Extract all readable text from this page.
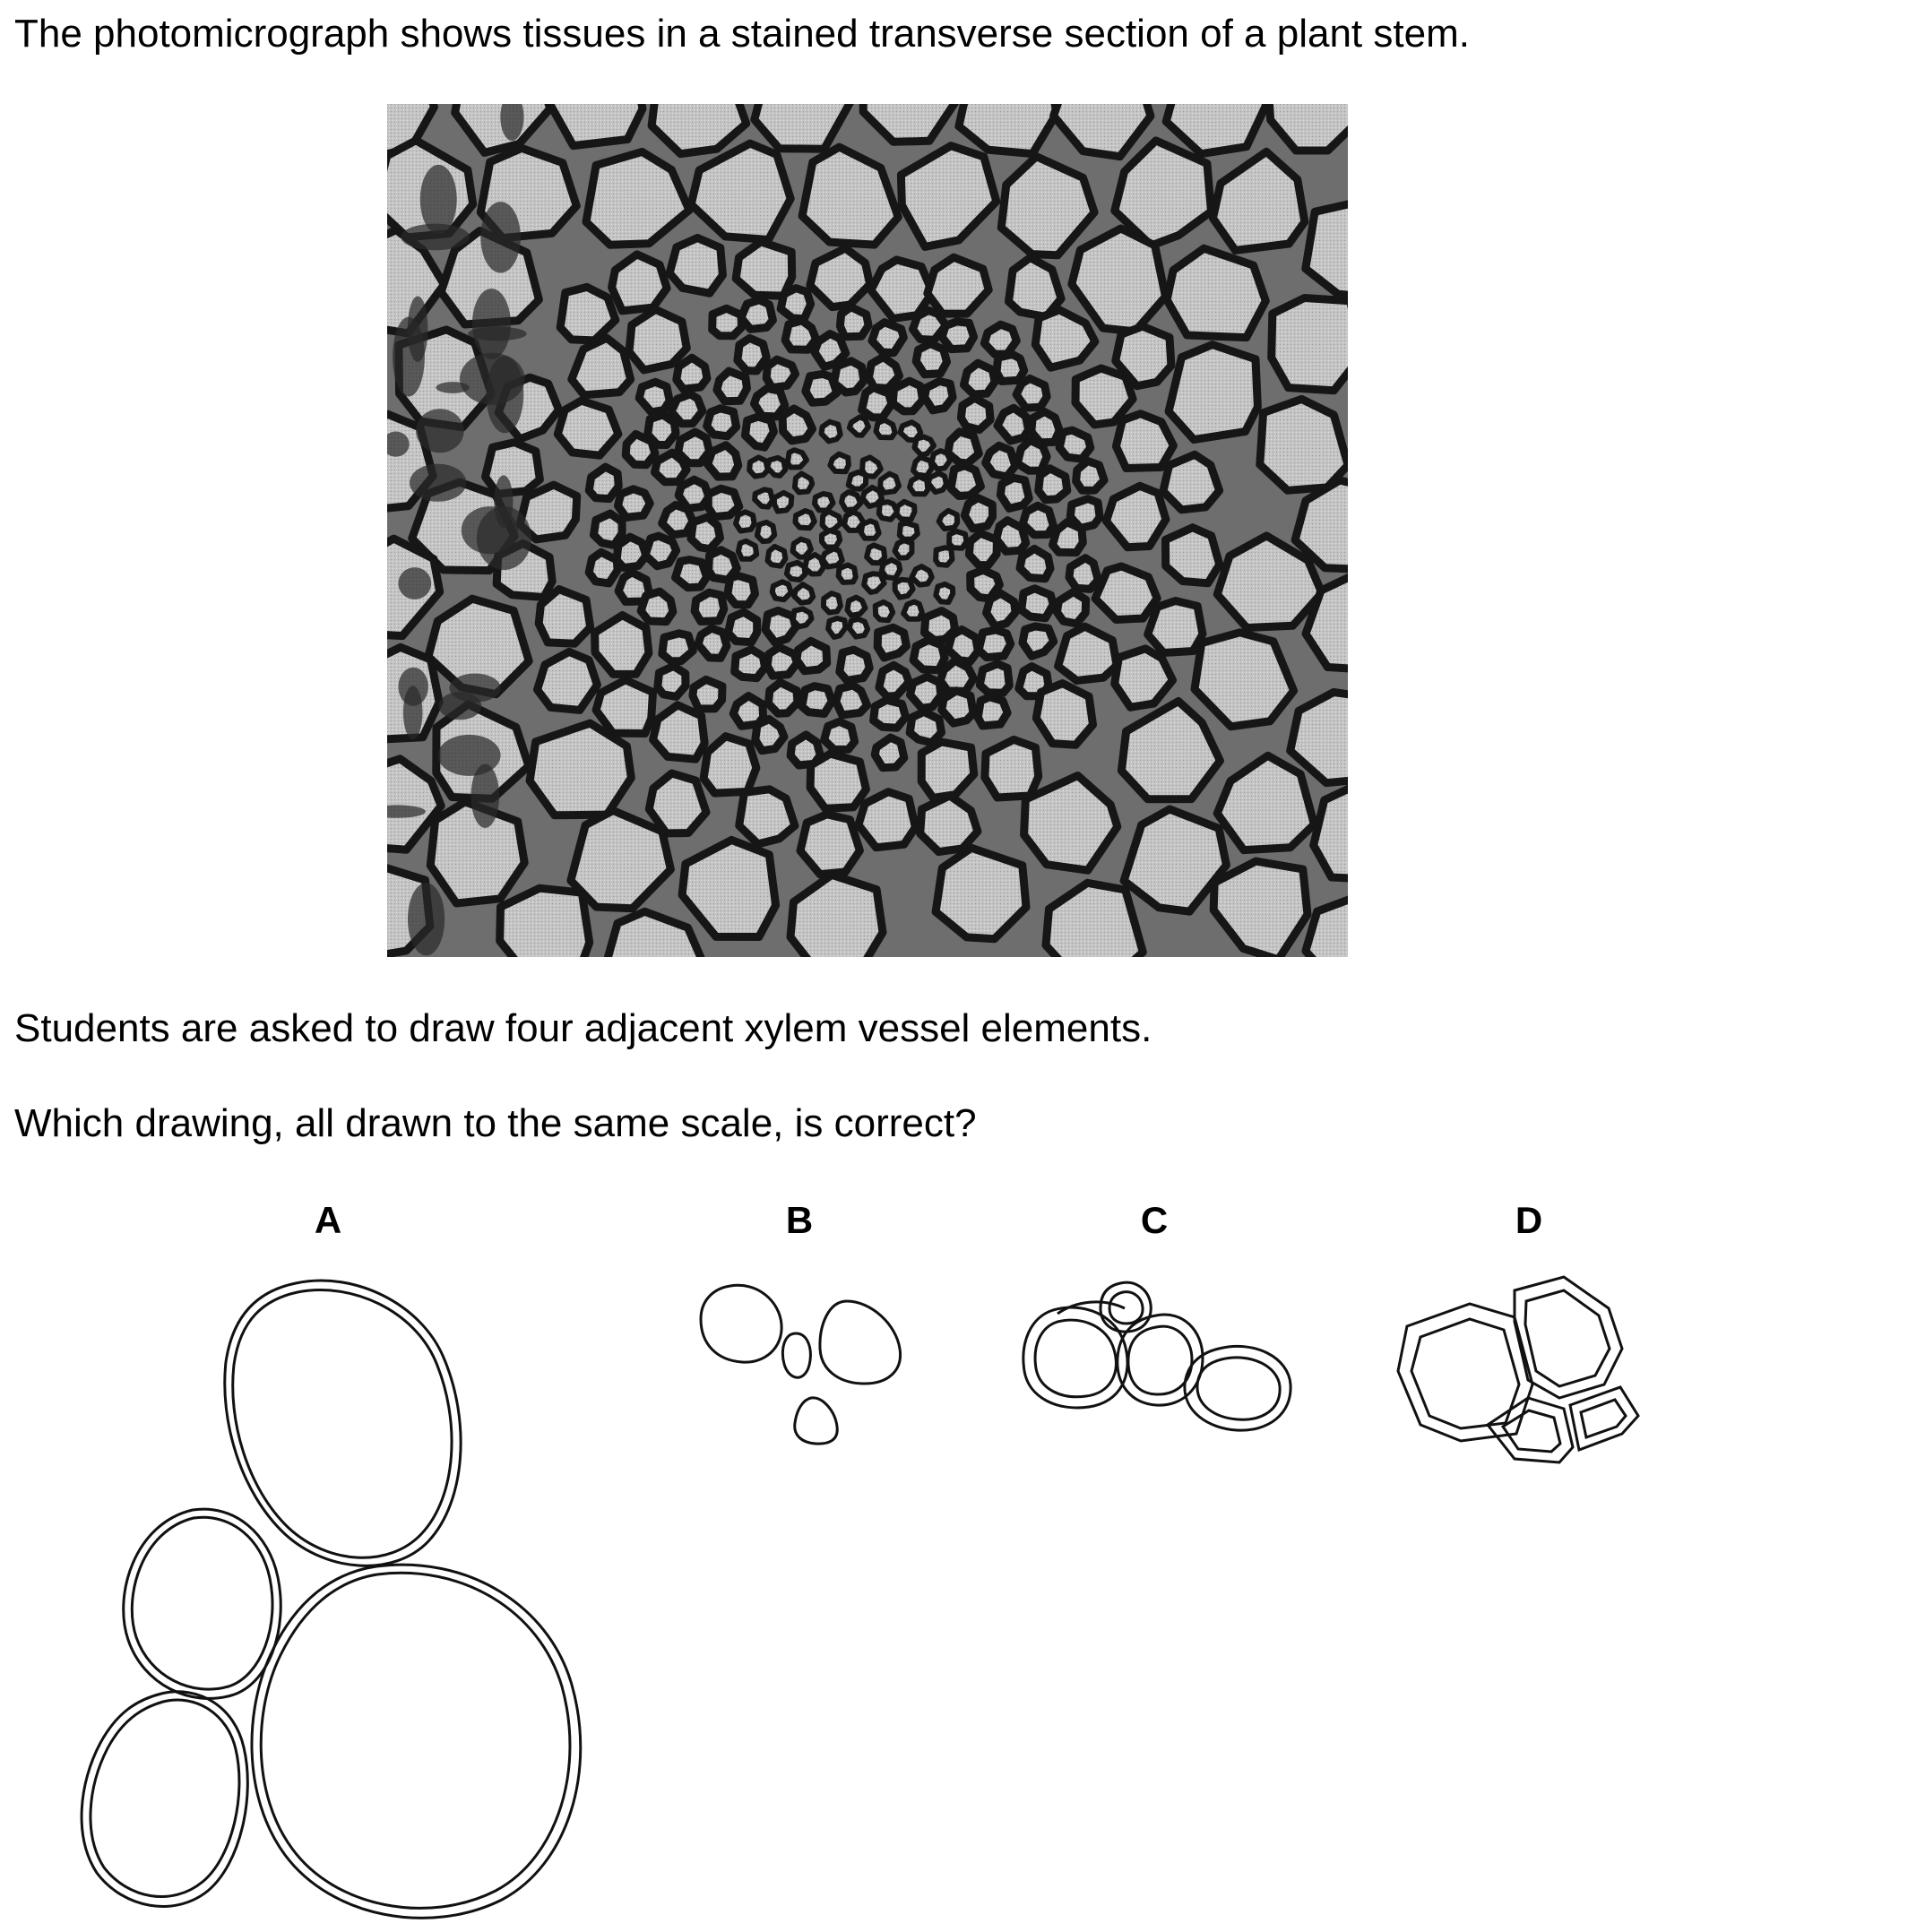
The photomicrograph shows tissues in a stained transverse section of a plant stem.
Students are asked to draw four adjacent xylem vessel elements.
Which drawing, all drawn to the same scale, is correct?
A	B	C	D
